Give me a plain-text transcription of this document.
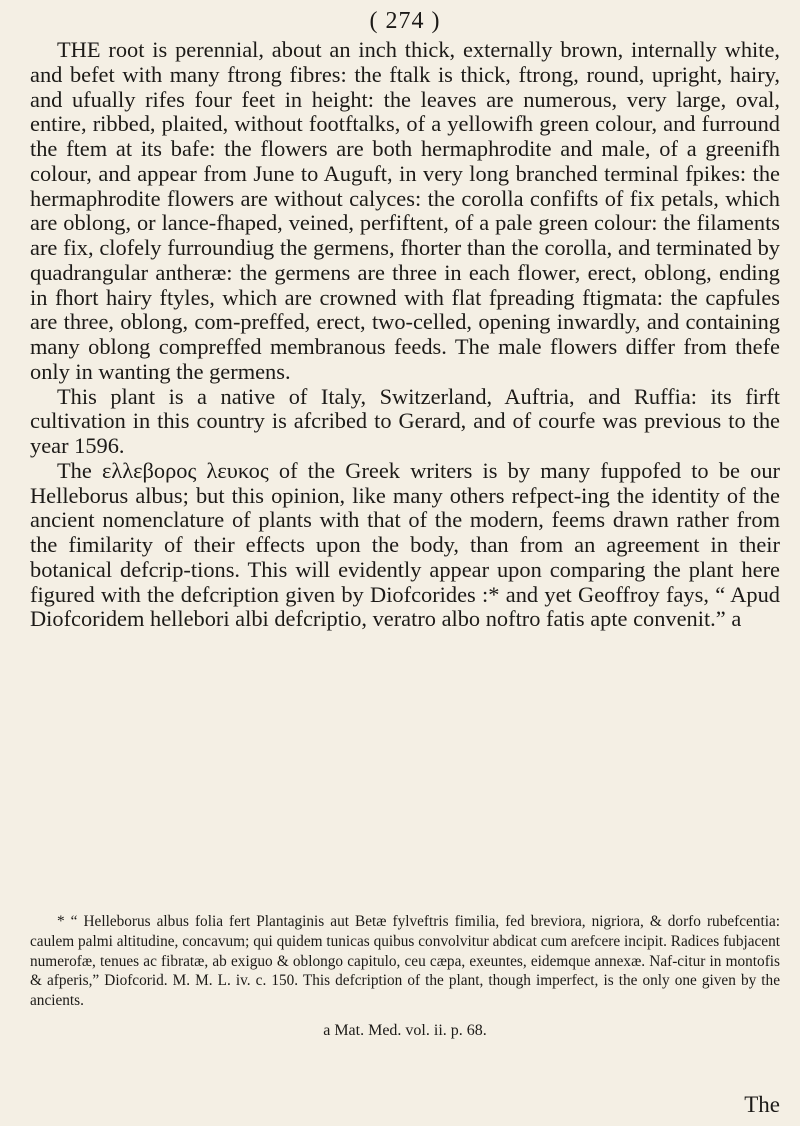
( 274 )

THE root is perennial, about an inch thick, externally brown, internally white, and befet with many ftrong fibres: the ftalk is thick, ftrong, round, upright, hairy, and ufually rifes four feet in height: the leaves are numerous, very large, oval, entire, ribbed, plaited, without footftalks, of a yellowifh green colour, and furround the ftem at its bafe: the flowers are both hermaphrodite and male, of a greenifh colour, and appear from June to Auguft, in very long branched terminal fpikes: the hermaphrodite flowers are without calyces: the corolla confifts of fix petals, which are oblong, or lance-fhaped, veined, perfiftent, of a pale green colour: the filaments are fix, clofely furroundiug the germens, fhorter than the corolla, and terminated by quadrangular antheræ: the germens are three in each flower, erect, oblong, ending in fhort hairy ftyles, which are crowned with flat fpreading ftigmata: the capfules are three, oblong, com-preffed, erect, two-celled, opening inwardly, and containing many oblong compreffed membranous feeds. The male flowers differ from thefe only in wanting the germens.

This plant is a native of Italy, Switzerland, Auftria, and Ruffia: its firft cultivation in this country is afcribed to Gerard, and of courfe was previous to the year 1596.

The ελλεβορος λευκος of the Greek writers is by many fuppofed to be our Helleborus albus; but this opinion, like many others refpect-ing the identity of the ancient nomenclature of plants with that of the modern, feems drawn rather from the fimilarity of their effects upon the body, than from an agreement in their botanical defcrip-tions. This will evidently appear upon comparing the plant here figured with the defcription given by Diofcorides :* and yet Geoffroy fays, “ Apud Diofcoridem hellebori albi defcriptio, veratro albo noftro fatis apte convenit.” a

* “ Helleborus albus folia fert Plantaginis aut Betæ fylveftris fimilia, fed breviora, nigriora, & dorfo rubefcentia: caulem palmi altitudine, concavum; qui quidem tunicas quibus convolvitur abdicat cum arefcere incipit. Radices fubjacent numerofæ, tenues ac fibratæ, ab exiguo & oblongo capitulo, ceu cæpa, exeuntes, eidemque annexæ. Naf-citur in montofis & afperis,” Diofcorid. M. M. L. iv. c. 150. This defcription of the plant, though imperfect, is the only one given by the ancients.

a Mat. Med. vol. ii. p. 68.

The
